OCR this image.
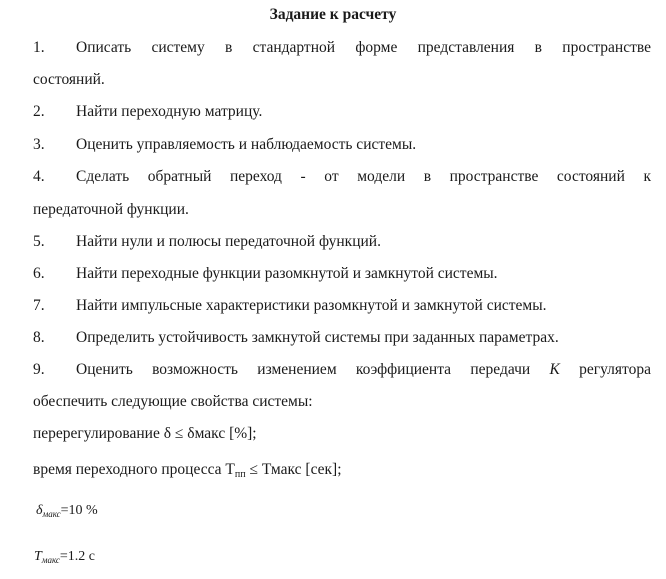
Задание к расчету
1. Описать систему в стандартной форме представления в пространстве
состояний.
2. Найти переходную матрицу.
3. Оценить управляемость и наблюдаемость системы.
4. Сделать обратный переход - от модели в пространстве состояний к
передаточной функции.
5. Найти нули и полюсы передаточной функций.
6. Найти переходные функции разомкнутой и замкнутой системы.
7. Найти импульсные характеристики разомкнутой и замкнутой системы.
8. Определить устойчивость замкнутой системы при заданных параметрах.
9. Оценить возможность изменением коэффициента передачи K регулятора
обеспечить следующие свойства системы:
перерегулирование δ ≤ δмакс [%];
время переходного процесса Тпп ≤ Тмакс [сек];
$\delta_{макс}=10$ %
$T_{макс}=1.2$ с
